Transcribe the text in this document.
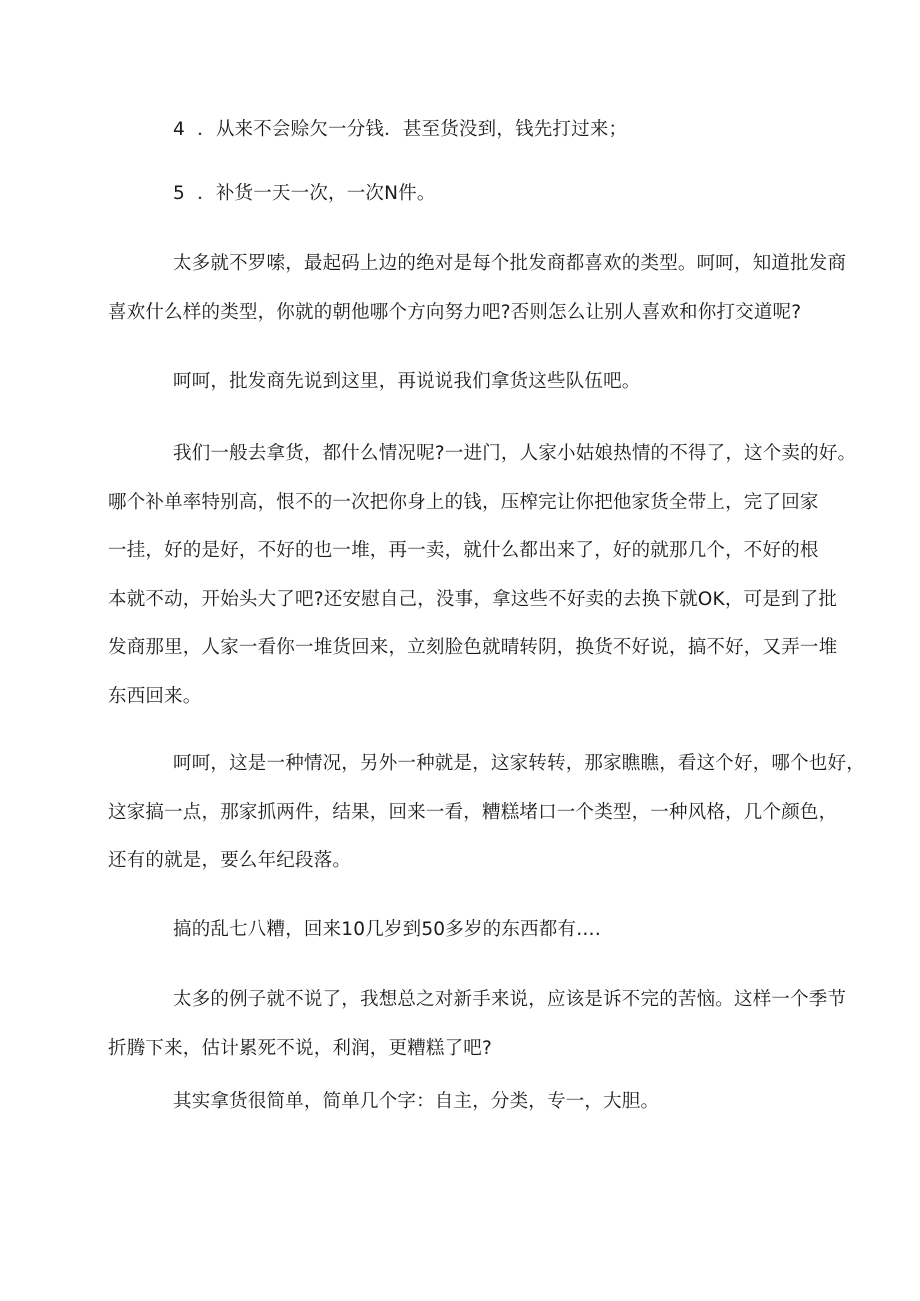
4  ．从来不会赊欠一分钱．甚至货没到，钱先打过来；

5  ．补货一天一次，一次N件。

太多就不罗嗦，最起码上边的绝对是每个批发商都喜欢的类型。呵呵，知道批发商
喜欢什么样的类型，你就的朝他哪个方向努力吧?否则怎么让别人喜欢和你打交道呢?

呵呵，批发商先说到这里，再说说我们拿货这些队伍吧。

我们一般去拿货，都什么情况呢?一进门，人家小姑娘热情的不得了，这个卖的好。
哪个补单率特别高，恨不的一次把你身上的钱，压榨完让你把他家货全带上，完了回家
一挂，好的是好，不好的也一堆，再一卖，就什么都出来了，好的就那几个，不好的根
本就不动，开始头大了吧?还安慰自己，没事，拿这些不好卖的去换下就OK，可是到了批
发商那里，人家一看你一堆货回来，立刻脸色就晴转阴，换货不好说，搞不好，又弄一堆
东西回来。

呵呵，这是一种情况，另外一种就是，这家转转，那家瞧瞧，看这个好，哪个也好，
这家搞一点，那家抓两件，结果，回来一看，糟糕堵口一个类型，一种风格，几个颜色，
还有的就是，要么年纪段落。

搞的乱七八糟，回来10几岁到50多岁的东西都有….

太多的例子就不说了，我想总之对新手来说，应该是诉不完的苦恼。这样一个季节
折腾下来，估计累死不说，利润，更糟糕了吧?

其实拿货很简单，简单几个字：自主，分类，专一，大胆。
